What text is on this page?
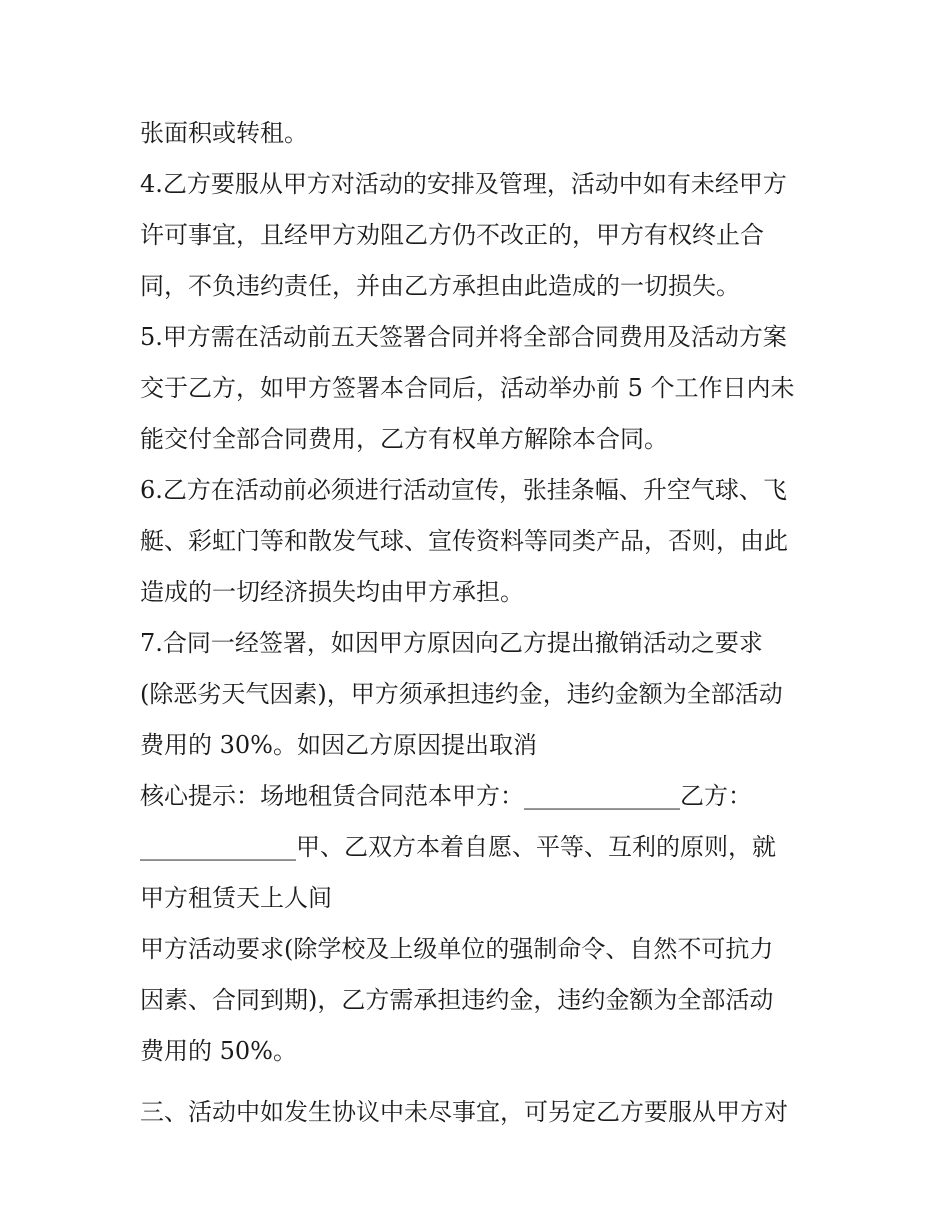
张面积或转租。
4.乙方要服从甲方对活动的安排及管理，活动中如有未经甲方
许可事宜，且经甲方劝阻乙方仍不改正的，甲方有权终止合
同，不负违约责任，并由乙方承担由此造成的一切损失。
5.甲方需在活动前五天签署合同并将全部合同费用及活动方案
交于乙方，如甲方签署本合同后，活动举办前 5 个工作日内未
能交付全部合同费用，乙方有权单方解除本合同。
6.乙方在活动前必须进行活动宣传，张挂条幅、升空气球、飞
艇、彩虹门等和散发气球、宣传资料等同类产品，否则，由此
造成的一切经济损失均由甲方承担。
7.合同一经签署，如因甲方原因向乙方提出撤销活动之要求
(除恶劣天气因素)，甲方须承担违约金，违约金额为全部活动
费用的 30%。如因乙方原因提出取消
核心提示：场地租赁合同范本甲方：_____________乙方：
_____________甲、乙双方本着自愿、平等、互利的原则，就
甲方租赁天上人间
甲方活动要求(除学校及上级单位的强制命令、自然不可抗力
因素、合同到期)，乙方需承担违约金，违约金额为全部活动
费用的 50%。
三、活动中如发生协议中未尽事宜，可另定乙方要服从甲方对
